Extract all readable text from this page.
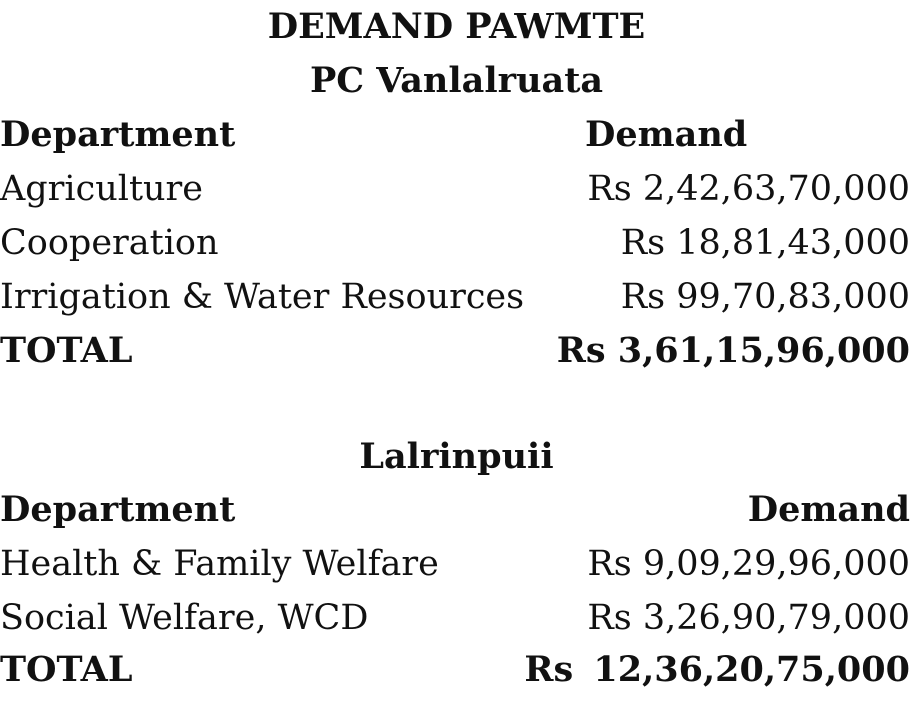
DEMAND PAWMTE
PC Vanlalruata
Department	Demand
Agriculture	Rs 2,42,63,70,000
Cooperation	Rs 18,81,43,000
Irrigation & Water Resources	Rs 99,70,83,000
TOTAL	Rs 3,61,15,96,000
Lalrinpuii
Department	Demand
Health & Family Welfare	Rs 9,09,29,96,000
Social Welfare, WCD	Rs 3,26,90,79,000
TOTAL	Rs 12,36,20,75,000
